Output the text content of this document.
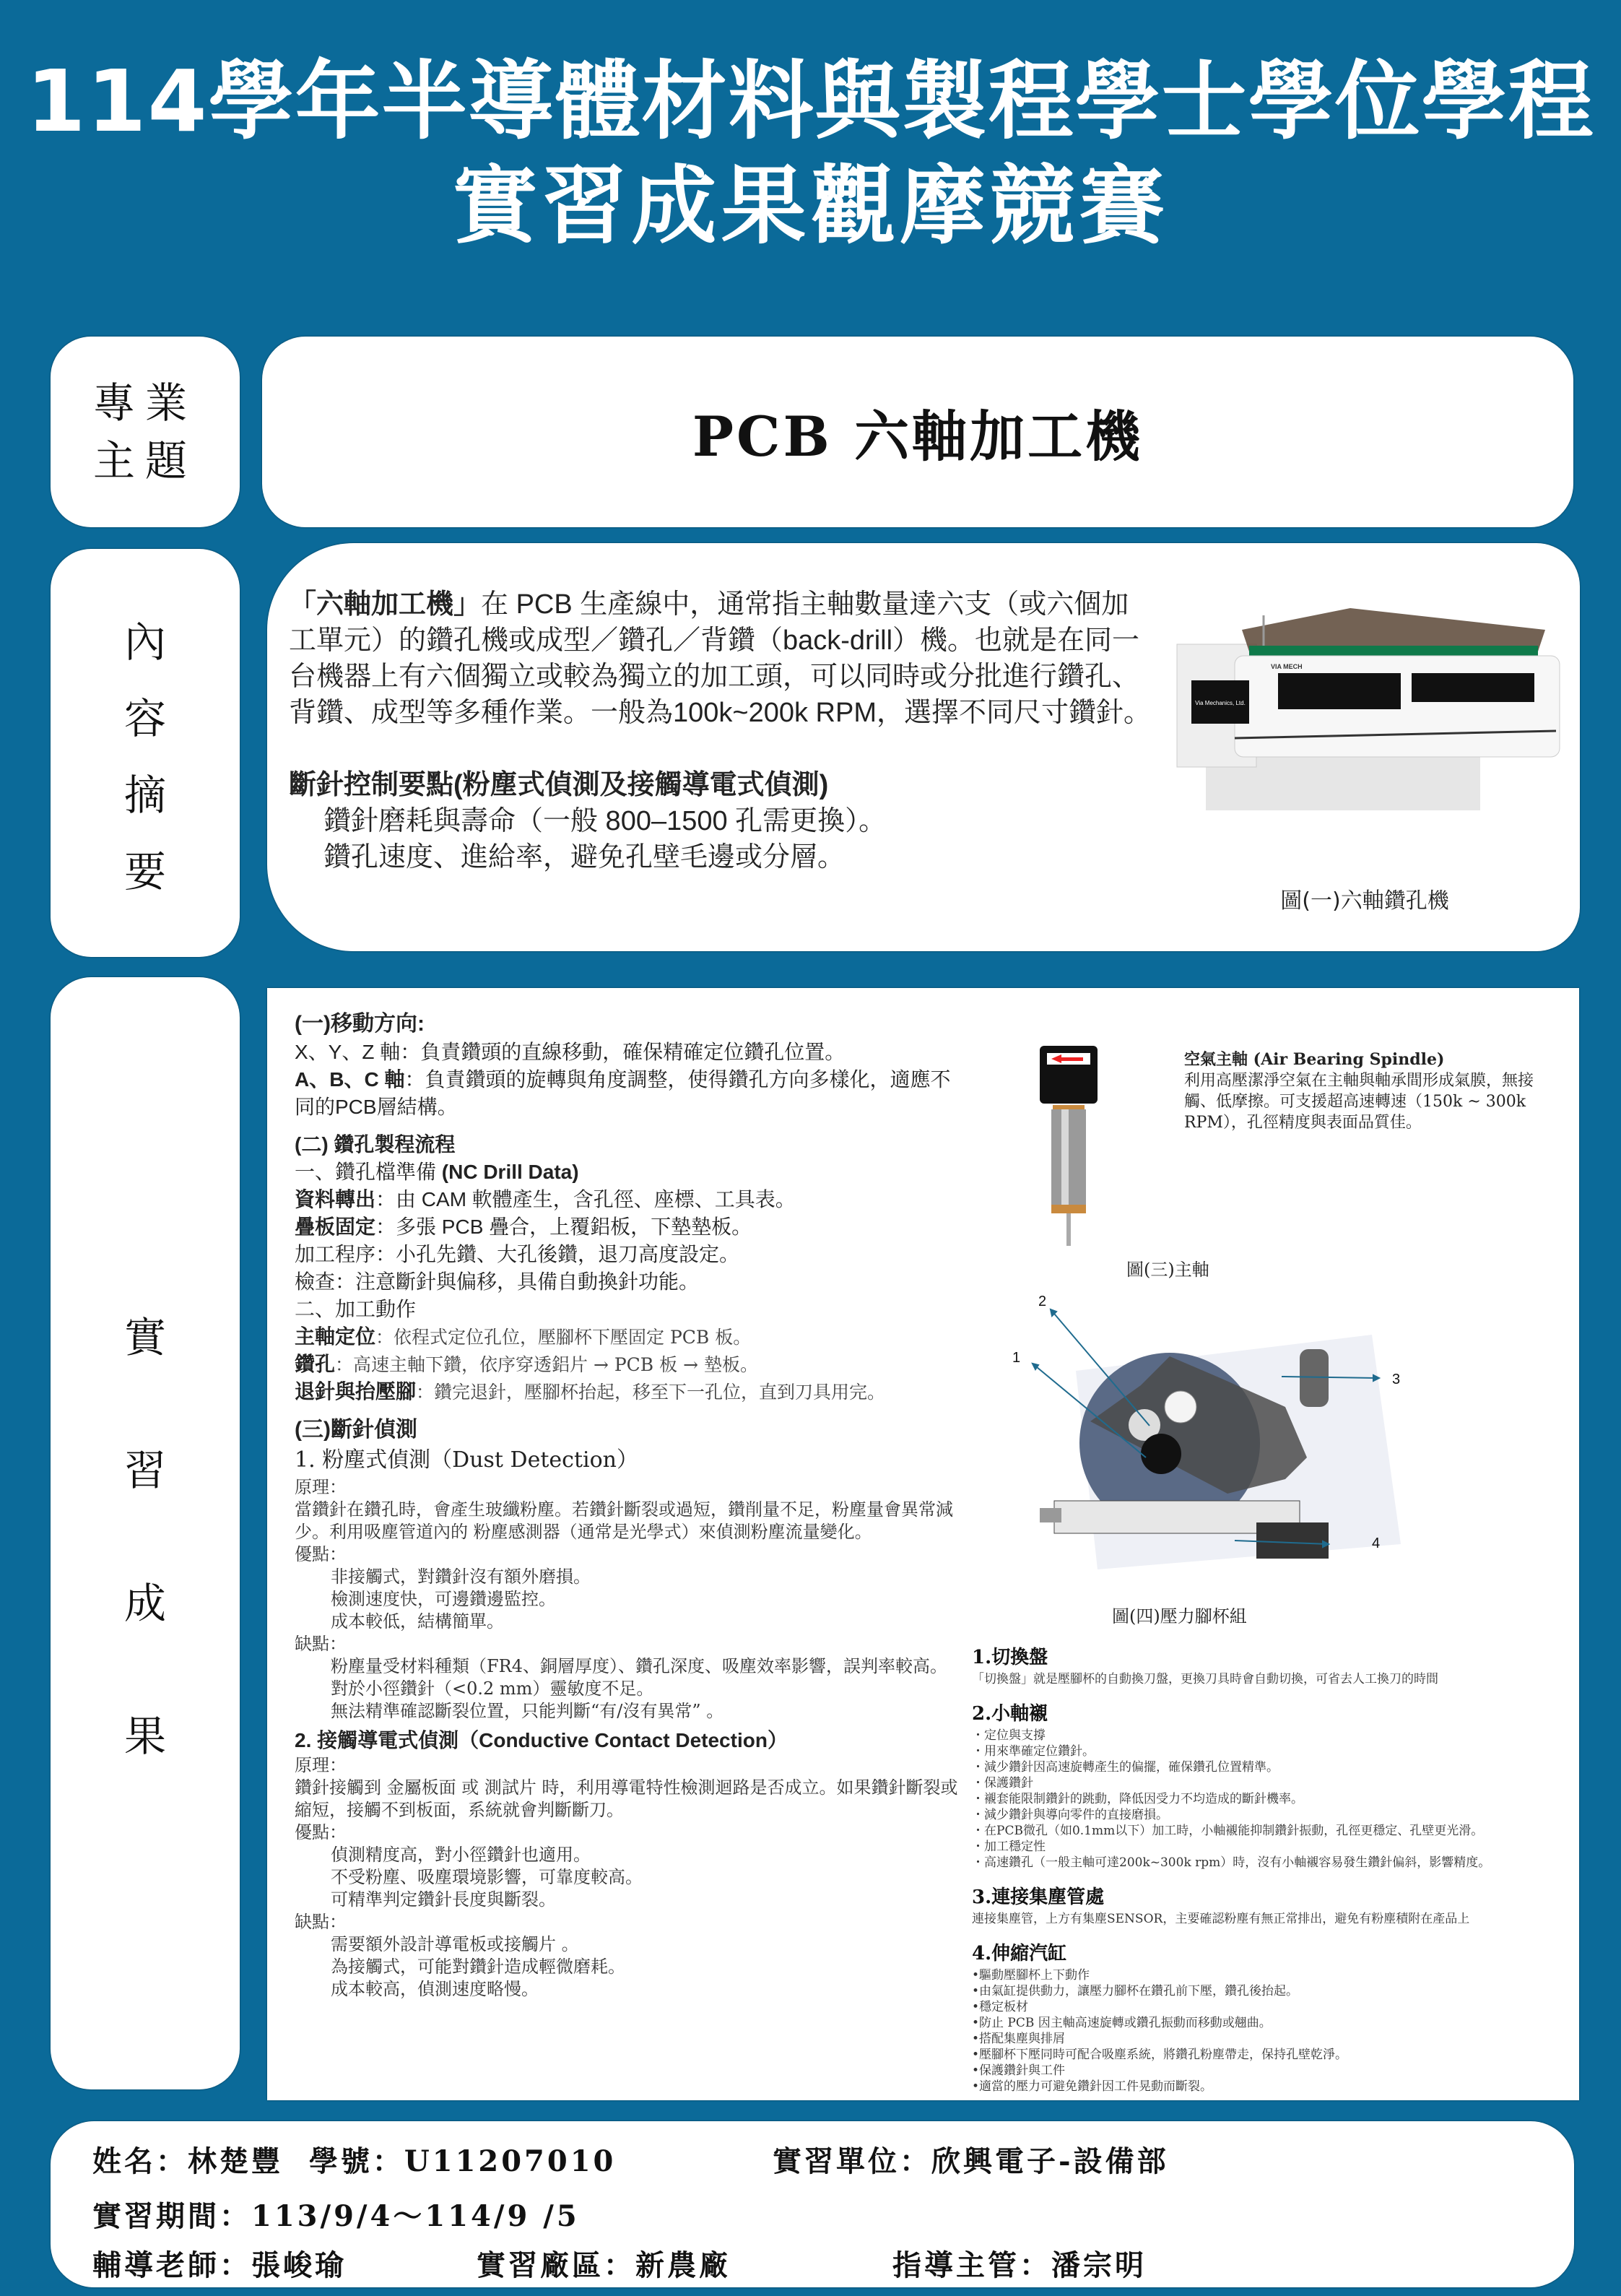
114學年半導體材料與製程學士學位學程
實習成果觀摩競賽
專業
主題	PCB 六軸加工機
內
容
摘
要
「六軸加工機」在 PCB 生產線中，通常指主軸數量達六支（或六個加工單元）的鑽孔機或成型／鑽孔／背鑽（back-drill）機。也就是在同一台機器上有六個獨立或較為獨立的加工頭，可以同時或分批進行鑽孔、背鑽、成型等多種作業。一般為100k~200k RPM，選擇不同尺寸鑽針。
斷針控制要點(粉塵式偵測及接觸導電式偵測)
鑽針磨耗與壽命（一般 800–1500 孔需更換）。
鑽孔速度、進給率，避免孔壁毛邊或分層。
Via Mechanics, Ltd.
VIA MECH
圖(一)六軸鑽孔機
實
習
成
果
(一)移動方向:
X、Y、Z 軸：負責鑽頭的直線移動，確保精確定位鑽孔位置。
A、B、C 軸：負責鑽頭的旋轉與角度調整，使得鑽孔方向多樣化，適應不同的PCB層結構。
(二) 鑽孔製程流程
一、鑽孔檔準備 (NC Drill Data)
資料轉出：由 CAM 軟體產生，含孔徑、座標、工具表。
疊板固定：多張 PCB 疊合，上覆鋁板，下墊墊板。
加工程序：小孔先鑽、大孔後鑽，退刀高度設定。
檢查：注意斷針與偏移，具備自動換針功能。
二、加工動作
主軸定位：依程式定位孔位，壓腳杯下壓固定 PCB 板。
鑽孔：高速主軸下鑽，依序穿透鋁片 → PCB 板 → 墊板。
退針與抬壓腳：鑽完退針，壓腳杯抬起，移至下一孔位，直到刀具用完。
(三)斷針偵測
1. 粉塵式偵測（Dust Detection）
原理：
當鑽針在鑽孔時，會產生玻纖粉塵。若鑽針斷裂或過短，鑽削量不足，粉塵量會異常減少。利用吸塵管道內的 粉塵感測器（通常是光學式）來偵測粉塵流量變化。
優點：
非接觸式，對鑽針沒有額外磨損。
檢測速度快，可邊鑽邊監控。
成本較低，結構簡單。
缺點：
粉塵量受材料種類（FR4、銅層厚度）、鑽孔深度、吸塵效率影響，誤判率較高。
對於小徑鑽針（<0.2 mm）靈敏度不足。
無法精準確認斷裂位置，只能判斷“有/沒有異常” 。
2. 接觸導電式偵測（Conductive Contact Detection）
原理：
鑽針接觸到 金屬板面 或 測試片 時，利用導電特性檢測迴路是否成立。如果鑽針斷裂或縮短，接觸不到板面，系統就會判斷斷刀。
優點：
偵測精度高，對小徑鑽針也適用。
不受粉塵、吸塵環境影響，可靠度較高。
可精準判定鑽針長度與斷裂。
缺點：
需要額外設計導電板或接觸片 。
為接觸式，可能對鑽針造成輕微磨耗。
成本較高，偵測速度略慢。
圖(三)主軸
空氣主軸 (Air Bearing Spindle)
利用高壓潔淨空氣在主軸與軸承間形成氣膜，無接觸、低摩擦。可支援超高速轉速（150k ~ 300k RPM），孔徑精度與表面品質佳。
1
2
3
4
圖(四)壓力腳杯組
1.切換盤
「切換盤」就是壓腳杯的自動換刀盤，更換刀具時會自動切換，可省去人工換刀的時間
2.小軸襯
・定位與支撐
・用來準確定位鑽針。
・減少鑽針因高速旋轉產生的偏擺，確保鑽孔位置精準。
・保護鑽針
・襯套能限制鑽針的跳動，降低因受力不均造成的斷針機率。
・減少鑽針與導向零件的直接磨損。
・在PCB微孔（如0.1mm以下）加工時，小軸襯能抑制鑽針振動，孔徑更穩定、孔壁更光滑。
・加工穩定性
・高速鑽孔（一般主軸可達200k~300k rpm）時，沒有小軸襯容易發生鑽針偏斜，影響精度。
3.連接集塵管處
連接集塵管，上方有集塵SENSOR，主要確認粉塵有無正常排出，避免有粉塵積附在產品上
4.伸縮汽缸
•驅動壓腳杯上下動作
•由氣缸提供動力，讓壓力腳杯在鑽孔前下壓，鑽孔後抬起。
•穩定板材
•防止 PCB 因主軸高速旋轉或鑽孔振動而移動或翹曲。
•搭配集塵與排屑
•壓腳杯下壓同時可配合吸塵系統，將鑽孔粉塵帶走，保持孔壁乾淨。
•保護鑽針與工件
•適當的壓力可避免鑽針因工件晃動而斷裂。
姓名：林楚豐  學號：U11207010	實習單位：欣興電子-設備部
實習期間：113/9/4～114/9 /5
輔導老師：張峻瑜	實習廠區：新農廠	指導主管：潘宗明
